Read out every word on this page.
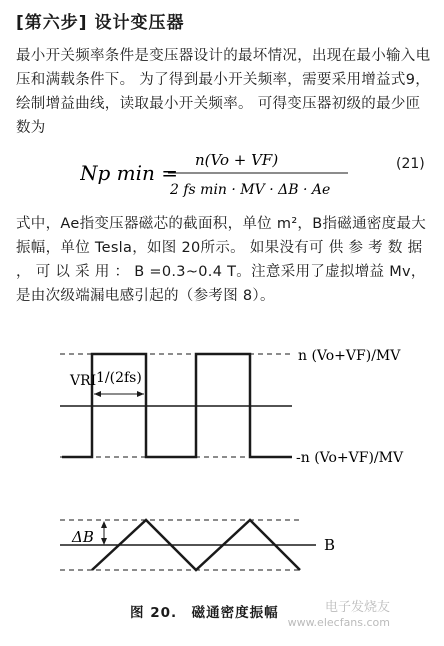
[第六步] 设计变压器
最小开关频率条件是变压器设计的最坏情况，出现在最小输入电压和满载条件下。 为了得到最小开关频率，需要采用增益式9，绘制增益曲线，读取最小开关频率。 可得变压器初级的最少匝数为
Np min =
n(Vo + VF)
2 fs min · MV · ΔB · Ae
(21)
式中，Ae指变压器磁芯的截面积，单位 m²，B指磁通密度最大振幅，单位 Tesla，如图 20所示。 如果没有可 供 参 考 数 据 ， 可 以 采 用 ： B =0.3~0.4 T。注意采用了虚拟增益 Mv，是由次级端漏电感引起的（参考图 8）。
1/(2fs)
VRI
n (Vo+VF)/MV
-n (Vo+VF)/MV
ΔB	B
图 20.　磁通密度振幅	电子发烧友
www.elecfans.com
